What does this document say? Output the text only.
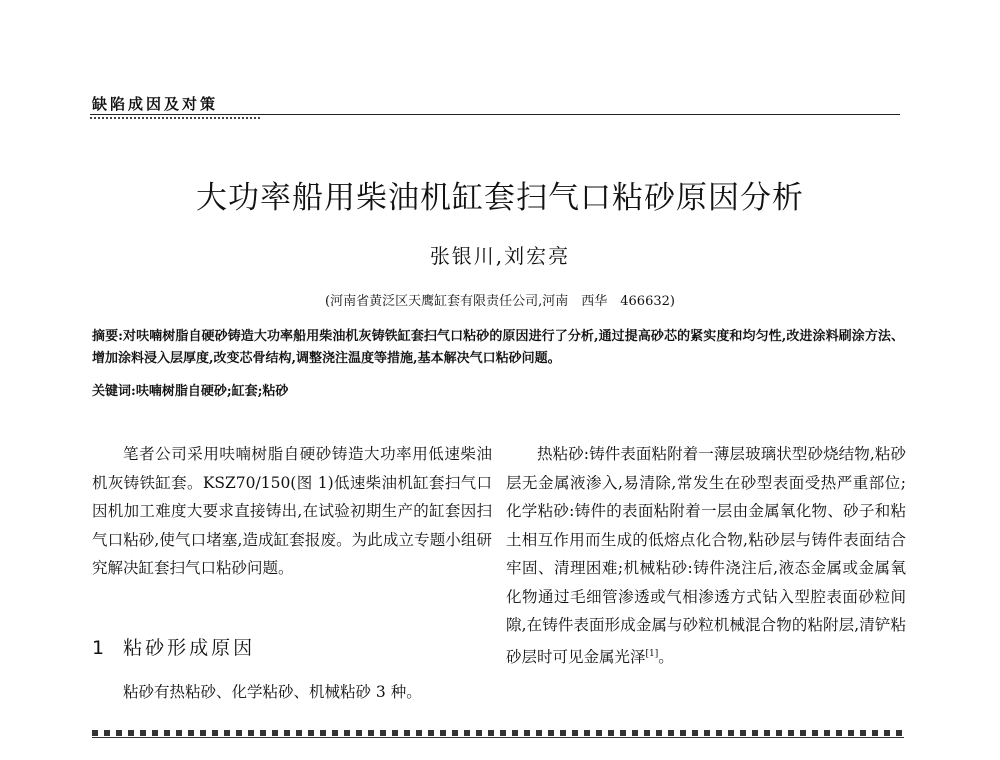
缺陷成因及对策
大功率船用柴油机缸套扫气口粘砂原因分析
张银川,刘宏亮
(河南省黄泛区天鹰缸套有限责任公司,河南　西华　466632)
摘要:对呋喃树脂自硬砂铸造大功率船用柴油机灰铸铁缸套扫气口粘砂的原因进行了分析,通过提高砂芯的紧实度和均匀性,改进涂料刷涂方法、增加涂料浸入层厚度,改变芯骨结构,调整浇注温度等措施,基本解决气口粘砂问题。
关键词:呋喃树脂自硬砂;缸套;粘砂

笔者公司采用呋喃树脂自硬砂铸造大功率用低速柴油机灰铸铁缸套。KSZ70/150(图 1)低速柴油机缸套扫气口因机加工难度大要求直接铸出,在试验初期生产的缸套因扫气口粘砂,使气口堵塞,造成缸套报废。为此成立专题小组研究解决缸套扫气口粘砂问题。

1 粘砂形成原因
粘砂有热粘砂、化学粘砂、机械粘砂 3 种。

热粘砂:铸件表面粘附着一薄层玻璃状型砂烧结物,粘砂层无金属液渗入,易清除,常发生在砂型表面受热严重部位;化学粘砂:铸件的表面粘附着一层由金属氧化物、砂子和粘土相互作用而生成的低熔点化合物,粘砂层与铸件表面结合牢固、清理困难;机械粘砂:铸件浇注后,液态金属或金属氧化物通过毛细管渗透或气相渗透方式钻入型腔表面砂粒间隙,在铸件表面形成金属与砂粒机械混合物的粘附层,清铲粘砂层时可见金属光泽[1]。
